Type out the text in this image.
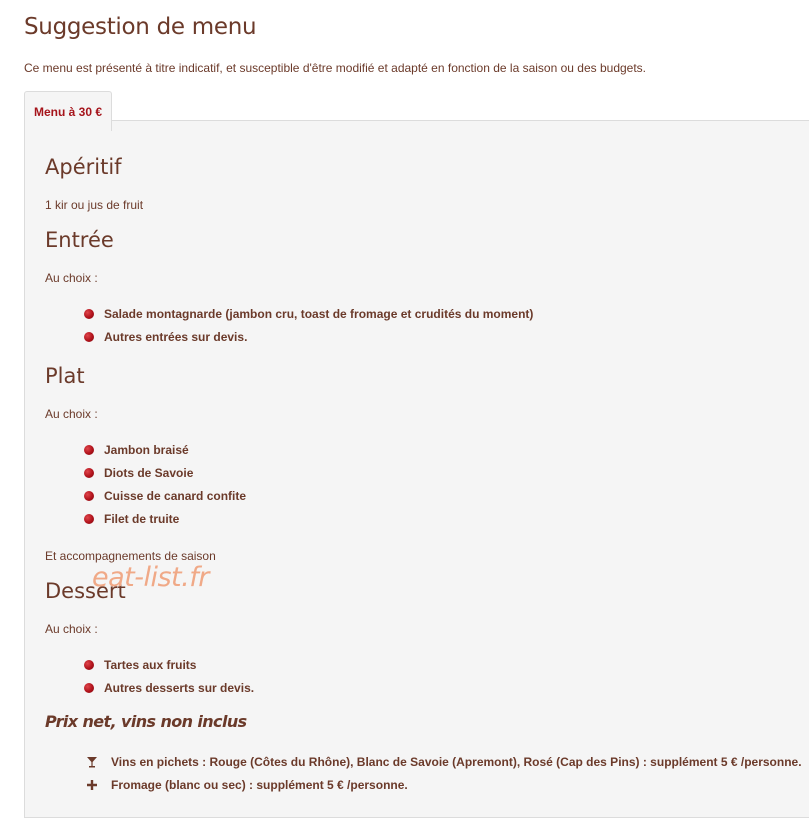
Suggestion de menu

Ce menu est présenté à titre indicatif, et susceptible d'être modifié et adapté en fonction de la saison ou des budgets.

Menu à 30 €
Apéritif

1 kir ou jus de fruit

Entrée

Au choix :

Salade montagnarde (jambon cru, toast de fromage et crudités du moment)
Autres entrées sur devis.
Plat

Au choix :

Jambon braisé
Diots de Savoie
Cuisse de canard confite
Filet de truite

Et accompagnements de saison

Dessert

eat-list.fr

Au choix :

Tartes aux fruits
Autres desserts sur devis.

Prix net, vins non inclus

Vins en pichets : Rouge (Côtes du Rhône), Blanc de Savoie (Apremont), Rosé (Cap des Pins) : supplément 5 € /personne.
Fromage (blanc ou sec) : supplément 5 € /personne.
